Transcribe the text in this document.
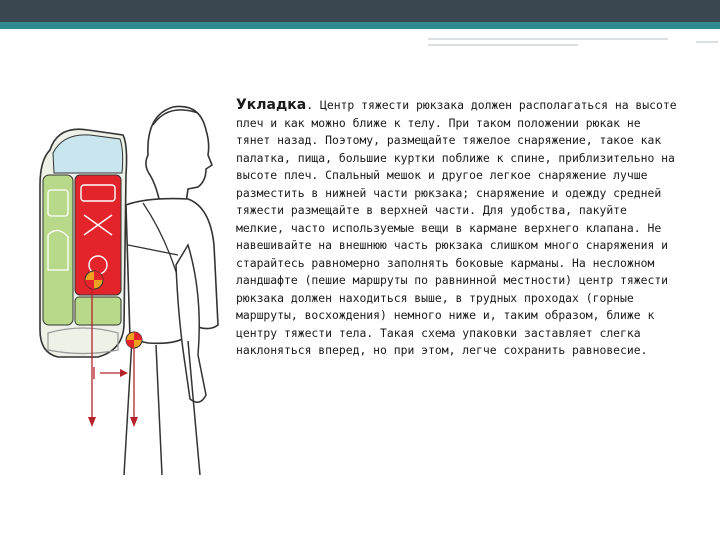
Укладка. Центр тяжести рюкзака должен располагаться на высоте плеч и как можно ближе к телу. При таком положении рюкак не тянет назад. Поэтому, размещайте тяжелое снаряжение, такое как палатка, пища, большие куртки поближе к спине, приблизительно на высоте плеч. Спальный мешок и другое легкое снаряжение лучше разместить в нижней части рюкзака; снаряжение и одежду средней тяжести размещайте в верхней части. Для удобства, пакуйте мелкие, часто используемые вещи в кармане верхнего клапана. Не навешивайте на внешнюю часть рюкзака слишком много снаряжения и старайтесь равномерно заполнять боковые карманы. На несложном ландшафте (пешие маршруты по равнинной местности) центр тяжести рюкзака должен находиться выше, в трудных проходах (горные маршруты, восхождения) немного ниже и, таким образом, ближе к центру тяжести тела. Такая схема упаковки заставляет слегка наклоняться вперед, но при этом, легче сохранить равновесие.
